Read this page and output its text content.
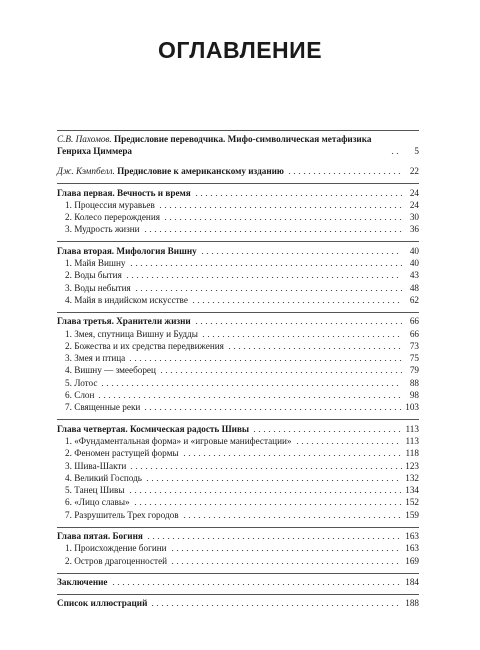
ОГЛАВЛЕНИЕ
С.В. Пахомов. Предисловие переводчика. Мифо-символическая метафизика Генриха Циммера	5
Дж. Кэмпбелл. Предисловие к американскому изданию	22
Глава первая. Вечность и время	24
1. Процессия муравьев	24
2. Колесо перерождения	30
3. Мудрость жизни	36
Глава вторая. Мифология Вишну	40
1. Майя Вишну	40
2. Воды бытия	43
3. Воды небытия	48
4. Майя в индийском искусстве	62
Глава третья. Хранители жизни	66
1. Змея, спутница Вишну и Будды	66
2. Божества и их средства передвижения	73
3. Змея и птица	75
4. Вишну — змееборец	79
5. Лотос	88
6. Слон	98
7. Священные реки	103
Глава четвертая. Космическая радость Шивы	113
1. «Фундаментальная форма» и «игровые манифестации»	113
2. Феномен растущей формы	118
3. Шива-Шакти	123
4. Великий Господь	132
5. Танец Шивы	134
6. «Лицо славы»	152
7. Разрушитель Трех городов	159
Глава пятая. Богиня	163
1. Происхождение богини	163
2. Остров драгоценностей	169
Заключение	184
Список иллюстраций	188
